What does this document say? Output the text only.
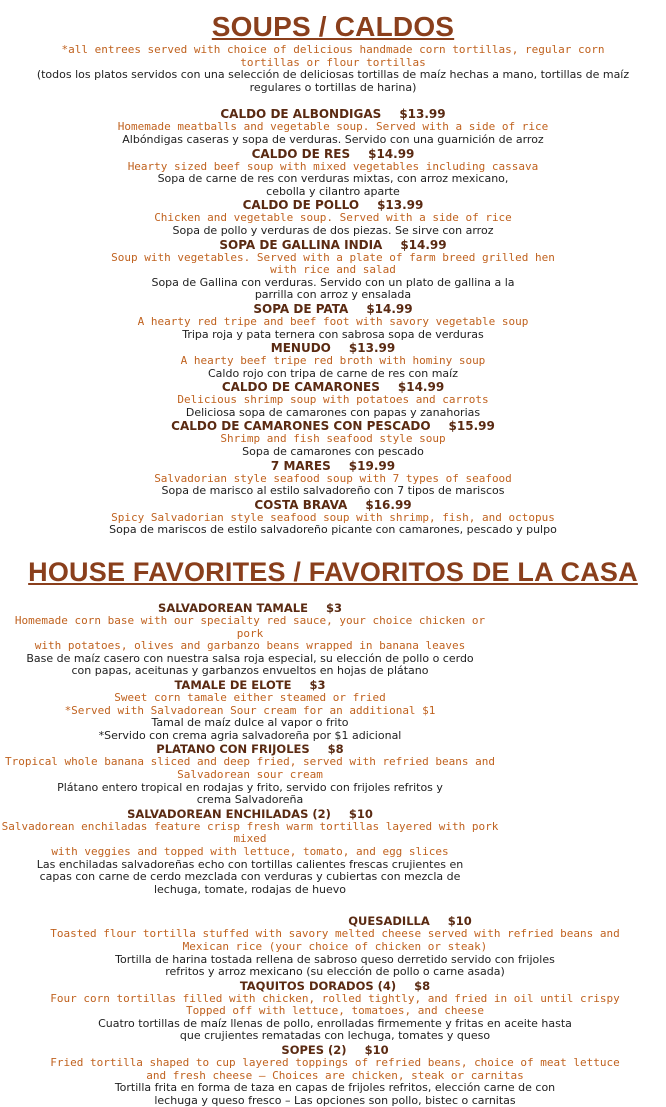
SOUPS / CALDOS

*all entrees served with choice of delicious handmade corn tortillas, regular corn tortillas or flour tortillas

(todos los platos servidos con una selección de deliciosas tortillas de maíz hechas a mano, tortillas de maíz regulares o tortillas de harina)

CALDO DE ALBONDIGAS $13.99
Homemade meatballs and vegetable soup. Served with a side of rice
Albóndigas caseras y sopa de verduras. Servido con una guarnición de arroz
CALDO DE RES $14.99
Hearty sized beef soup with mixed vegetables including cassava
Sopa de carne de res con verduras mixtas, con arroz mexicano,
cebolla y cilantro aparte
CALDO DE POLLO $13.99
Chicken and vegetable soup. Served with a side of rice
Sopa de pollo y verduras de dos piezas. Se sirve con arroz
SOPA DE GALLINA INDIA $14.99
Soup with vegetables. Served with a plate of farm breed grilled hen
with rice and salad
Sopa de Gallina con verduras. Servido con un plato de gallina a la
parrilla con arroz y ensalada
SOPA DE PATA $14.99
A hearty red tripe and beef foot with savory vegetable soup
Tripa roja y pata ternera con sabrosa sopa de verduras
MENUDO $13.99
A hearty beef tripe red broth with hominy soup
Caldo rojo con tripa de carne de res con maíz
CALDO DE CAMARONES $14.99
Delicious shrimp soup with potatoes and carrots
Deliciosa sopa de camarones con papas y zanahorias
CALDO DE CAMARONES CON PESCADO $15.99
Shrimp and fish seafood style soup
Sopa de camarones con pescado
7 MARES $19.99
Salvadorian style seafood soup with 7 types of seafood
Sopa de marisco al estilo salvadoreño con 7 tipos de mariscos
COSTA BRAVA $16.99
Spicy Salvadorian style seafood soup with shrimp, fish, and octopus
Sopa de mariscos de estilo salvadoreño picante con camarones, pescado y pulpo
HOUSE FAVORITES / FAVORITOS DE LA CASA
SALVADOREAN TAMALE $3
Homemade corn base with our specialty red sauce, your choice chicken or pork
with potatoes, olives and garbanzo beans wrapped in banana leaves
Base de maíz casero con nuestra salsa roja especial, su elección de pollo o cerdo
con papas, aceitunas y garbanzos envueltos en hojas de plátano
TAMALE DE ELOTE $3
Sweet corn tamale either steamed or fried
*Served with Salvadorean Sour cream for an additional $1
Tamal de maíz dulce al vapor o frito
*Servido con crema agria salvadoreña por $1 adicional
PLATANO CON FRIJOLES $8
Tropical whole banana sliced and deep fried, served with refried beans and
Salvadorean sour cream
Plátano entero tropical en rodajas y frito, servido con frijoles refritos y
crema Salvadoreña
SALVADOREAN ENCHILADAS (2) $10
Salvadorean enchiladas feature crisp fresh warm tortillas layered with pork mixed
with veggies and topped with lettuce, tomato, and egg slices
Las enchiladas salvadoreñas echo con tortillas calientes frescas crujientes en
capas con carne de cerdo mezclada con verduras y cubiertas con mezcla de
lechuga, tomate, rodajas de huevo
QUESADILLA $10
Toasted flour tortilla stuffed with savory melted cheese served with refried beans and
Mexican rice (your choice of chicken or steak)
Tortilla de harina tostada rellena de sabroso queso derretido servido con frijoles
refritos y arroz mexicano (su elección de pollo o carne asada)
TAQUITOS DORADOS (4) $8
Four corn tortillas filled with chicken, rolled tightly, and fried in oil until crispy
Topped off with lettuce, tomatoes, and cheese
Cuatro tortillas de maíz llenas de pollo, enrolladas firmemente y fritas en aceite hasta
que crujientes rematadas con lechuga, tomates y queso
SOPES (2) $10
Fried tortilla shaped to cup layered toppings of refried beans, choice of meat lettuce
and fresh cheese – Choices are chicken, steak or carnitas
Tortilla frita en forma de taza en capas de frijoles refritos, elección carne de con
lechuga y queso fresco – Las opciones son pollo, bistec o carnitas
